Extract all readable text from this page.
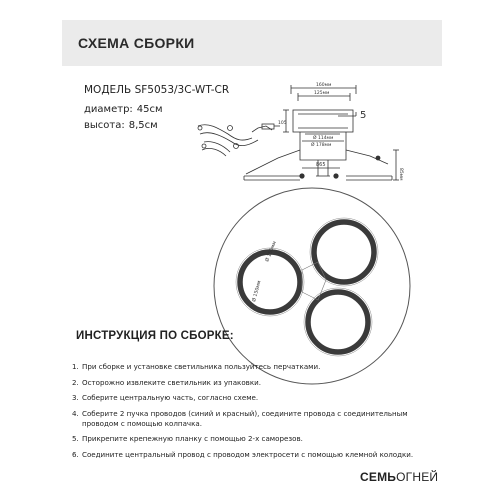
СХЕМА СБОРКИ
МОДЕЛЬ SF5053/3C-WT-CR
диаметр: 45см
высота: 8,5см
160мм
125мм
105
Ø 114мм
Ø 178мм
865
85мм
5
Ø 150мм
Ø 150мм
ИНСТРУКЦИЯ ПО СБОРКЕ:
1. При сборке и установке светильника пользуйтесь перчатками.
2. Осторожно извлеките светильник из упаковки.
3. Соберите центральную часть, согласно схеме.
4. Соберите 2 пучка проводов (синий и красный), соедините провода с соединительным
проводом с помощью колпачка.
5. Прикрепите крепежную планку с помощью 2-х саморезов.
6. Соедините центральный провод с проводом электросети с помощью клемной колодки.
СЕМЬОГНЕЙ
